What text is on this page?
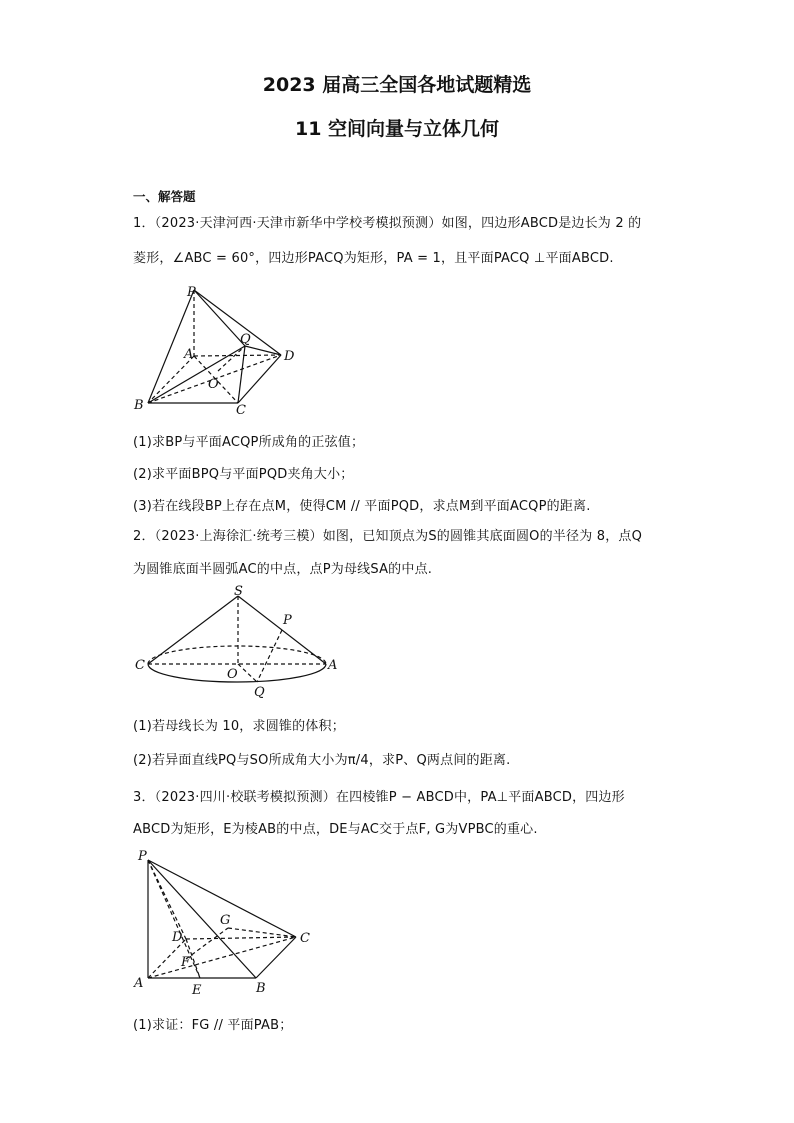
2023 届高三全国各地试题精选
11 空间向量与立体几何
一、解答题
1．（2023·天津河西·天津市新华中学校考模拟预测）如图，四边形ABCD是边长为 2 的
菱形，∠ABC = 60°，四边形PACQ为矩形，PA = 1，且平面PACQ ⊥平面ABCD.
P
A
Q
D
O
B	C
(1)求BP与平面ACQP所成角的正弦值；
(2)求平面BPQ与平面PQD夹角大小；
(3)若在线段BP上存在点M，使得CM // 平面PQD，求点M到平面ACQP的距离.
2．（2023·上海徐汇·统考三模）如图，已知顶点为S的圆锥其底面圆O的半径为 8，点Q
为圆锥底面半圆弧AC的中点，点P为母线SA的中点.
S
P
C	A
O
Q
(1)若母线长为 10，求圆锥的体积；
(2)若异面直线PQ与SO所成角大小为π/4，求P、Q两点间的距离.
3．（2023·四川·校联考模拟预测）在四棱锥P − ABCD中，PA⊥平面ABCD，四边形
ABCD为矩形，E为棱AB的中点，DE与AC交于点F, G为VPBC的重心.
P
G
D	C
F
A	E	B
(1)求证：FG // 平面PAB；
